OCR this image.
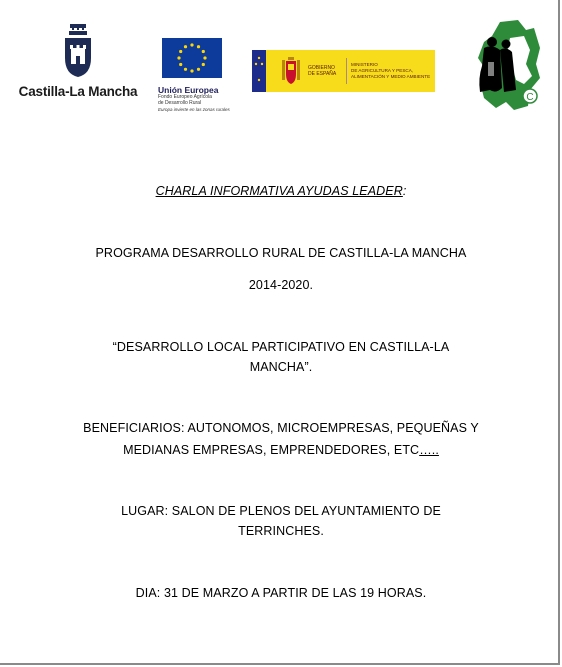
Castilla-La Mancha Unión Europea
Fondo Europeo Agrícola
de Desarrollo Rural
Europa invierte en las zonas rurales
GOBIERNO
DE ESPAÑA
MINISTERIO
DE AGRICULTURA Y PESCA,
ALIMENTACIÓN Y MEDIO AMBIENTE
C
CHARLA INFORMATIVA AYUDAS LEADER:
PROGRAMA DESARROLLO RURAL DE CASTILLA-LA MANCHA
2014-2020.
“DESARROLLO LOCAL PARTICIPATIVO EN CASTILLA-LA
MANCHA”.
BENEFICIARIOS: AUTONOMOS, MICROEMPRESAS, PEQUEÑAS Y
MEDIANAS EMPRESAS, EMPRENDEDORES, ETC…..
LUGAR: SALON DE PLENOS DEL AYUNTAMIENTO DE
TERRINCHES.
DIA: 31 DE MARZO A PARTIR DE LAS 19 HORAS.
